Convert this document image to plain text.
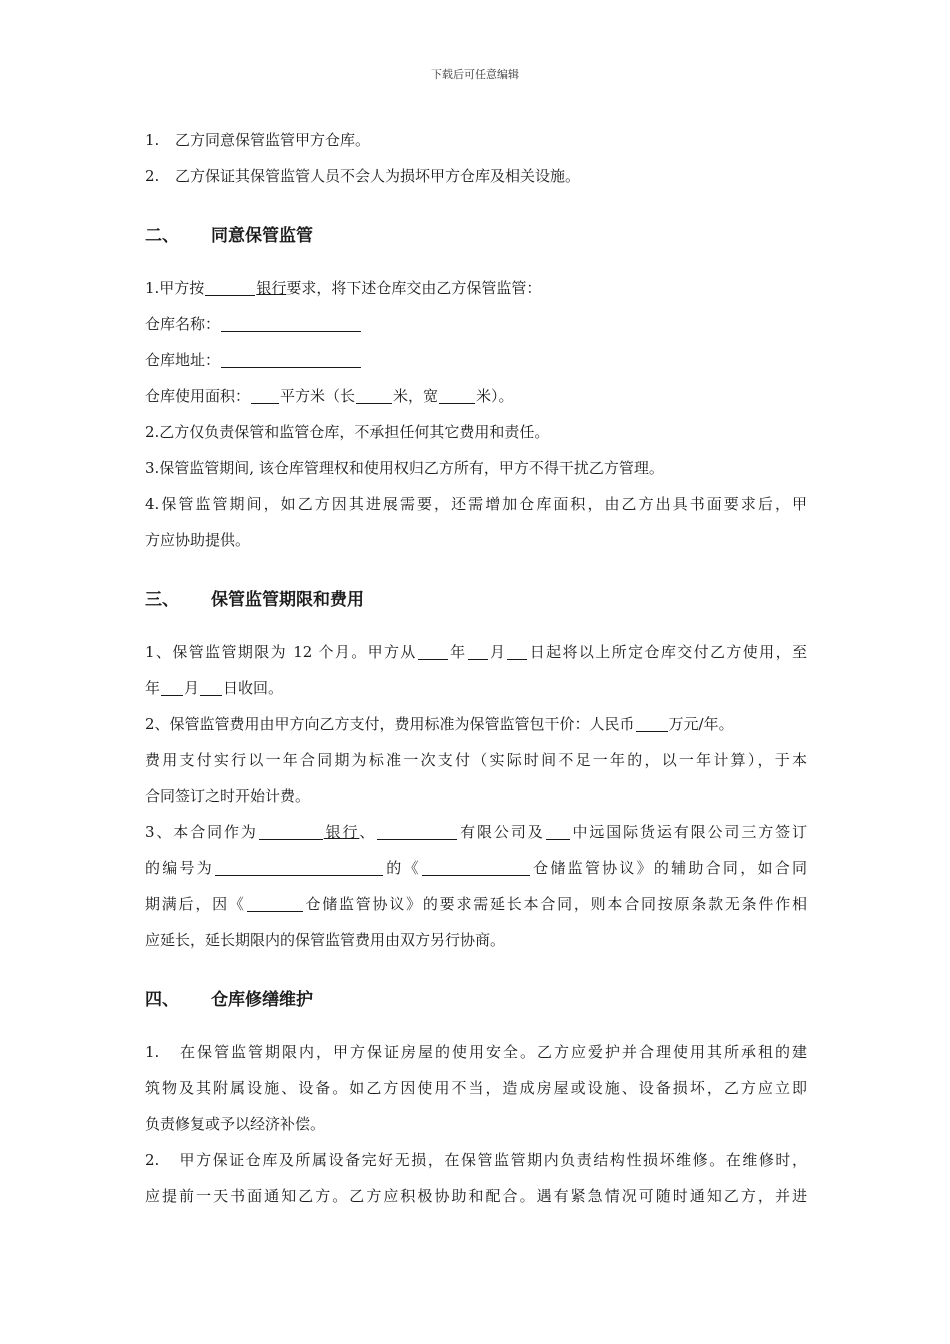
下载后可任意编辑
1. 乙方同意保管监管甲方仓库。
2. 乙方保证其保管监管人员不会人为损坏甲方仓库及相关设施。
二、 同意保管监管
1.甲方按	银行要求，将下述仓库交由乙方保管监管：
仓库名称：
仓库地址：
仓库使用面积： 平方米（长	米，宽	米）。
2.乙方仅负责保管和监管仓库，不承担任何其它费用和责任。
3.保管监管期间, 该仓库管理权和使用权归乙方所有，甲方不得干扰乙方管理。
4.保管监管期间，如乙方因其进展需要，还需增加仓库面积，由乙方出具书面要求后，甲
方应协助提供。
三、 保管监管期限和费用
1、保管监管期限为 12 个月。甲方从 年 月 日起将以上所定仓库交付乙方使用，至
年 月 日收回。
2、保管监管费用由甲方向乙方支付，费用标准为保管监管包干价：人民币 万元/年。
费用支付实行以一年合同期为标准一次支付（实际时间不足一年的，以一年计算），于本
合同签订之时开始计费。
3、本合同作为	银行、	有限公司及 中远国际货运有限公司三方签订
的编号为	的《	仓储监管协议》的辅助合同，如合同
期满后，因《	仓储监管协议》的要求需延长本合同，则本合同按原条款无条件作相
应延长，延长期限内的保管监管费用由双方另行协商。
四、 仓库修缮维护
1. 在保管监管期限内，甲方保证房屋的使用安全。乙方应爱护并合理使用其所承租的建
筑物及其附属设施、设备。如乙方因使用不当，造成房屋或设施、设备损坏，乙方应立即
负责修复或予以经济补偿。
2. 甲方保证仓库及所属设备完好无损，在保管监管期内负责结构性损坏维修。在维修时，
应提前一天书面通知乙方。乙方应积极协助和配合。遇有紧急情况可随时通知乙方，并进
